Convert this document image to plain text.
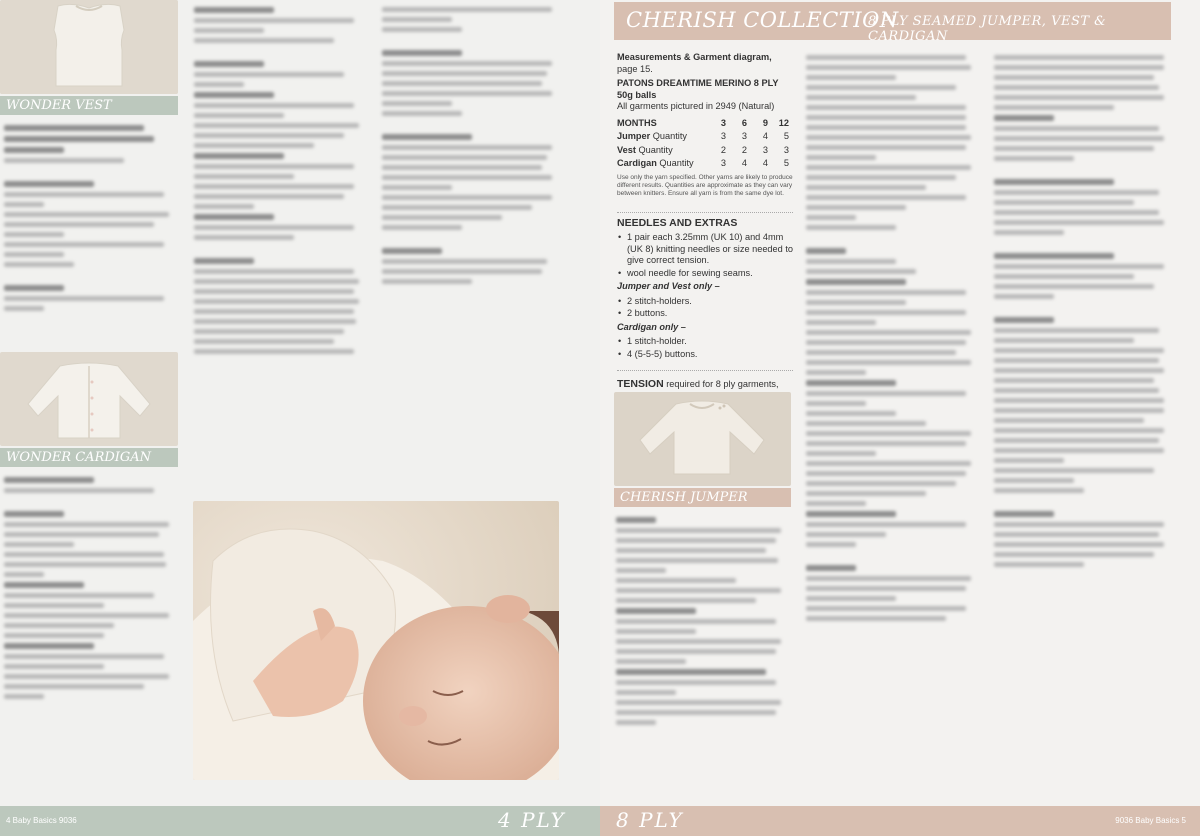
WONDER VEST
WONDER CARDIGAN
4 Baby Basics 9036	4 PLY
CHERISH COLLECTION
8 PLY SEAMED JUMPER, VEST & CARDIGAN
Measurements & Garment diagram, page 15.
PATONS DREAMTIME MERINO 8 PLY 50g balls
All garments pictured in 2949 (Natural)
MONTHS	3	6	9	12
Jumper Quantity	3	3	4	5
Vest Quantity	2	2	3	3
Cardigan Quantity	3	4	4	5
Use only the yarn specified. Other yarns are likely to produce different results. Quantities are approximate as they can vary between knitters. Ensure all yarn is from the same dye lot.
NEEDLES AND EXTRAS
• 1 pair each 3.25mm (UK 10) and 4mm (UK 8) knitting needles or size needed to give correct tension.
• wool needle for sewing seams.
Jumper and Vest only –
• 2 stitch-holders.
• 2 buttons.
Cardigan only –
• 1 stitch-holder.
• 4 (5-5-5) buttons.
TENSION required for 8 ply garments,
CHERISH JUMPER
8 PLY	9036 Baby Basics 5
